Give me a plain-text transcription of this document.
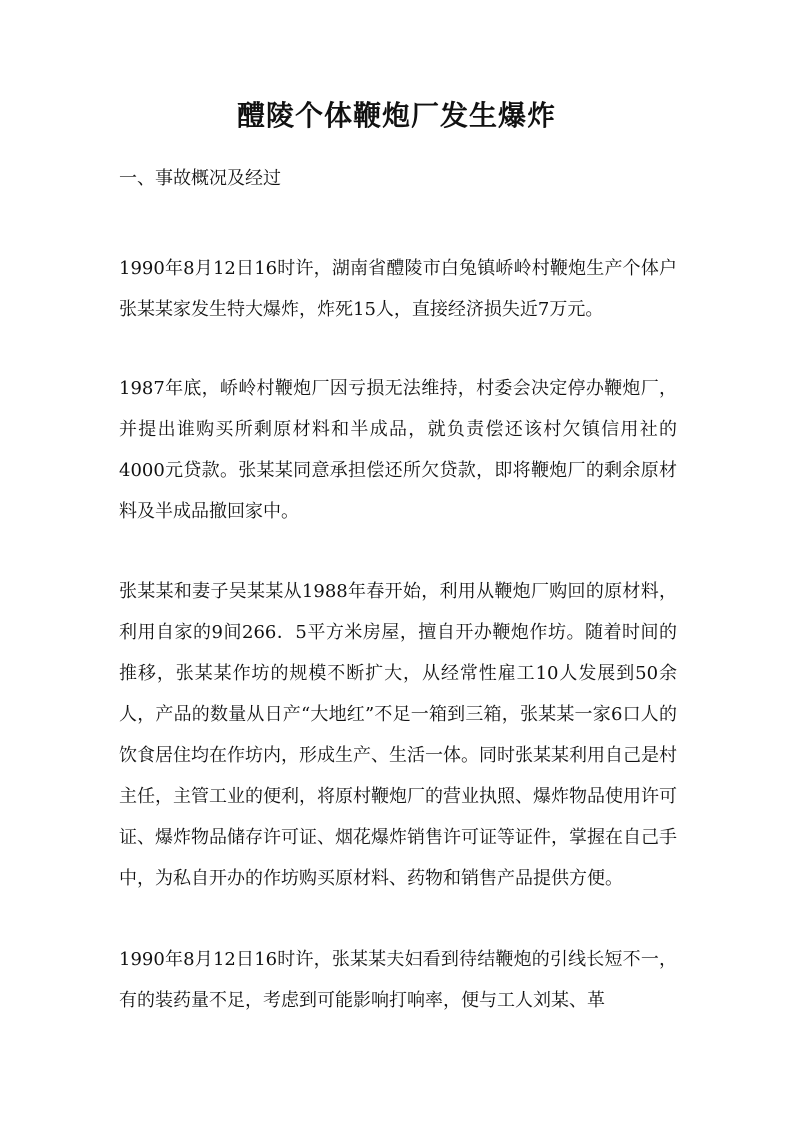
醴陵个体鞭炮厂发生爆炸

一、事故概况及经过

1990年8月12日16时许，湖南省醴陵市白兔镇峤岭村鞭炮生产个体户张某某家发生特大爆炸，炸死15人，直接经济损失近7万元。

1987年底，峤岭村鞭炮厂因亏损无法维持，村委会决定停办鞭炮厂，并提出谁购买所剩原材料和半成品，就负责偿还该村欠镇信用社的4000元贷款。张某某同意承担偿还所欠贷款，即将鞭炮厂的剩余原材料及半成品撤回家中。

张某某和妻子吴某某从1988年春开始，利用从鞭炮厂购回的原材料，利用自家的9间266．5平方米房屋，擅自开办鞭炮作坊。随着时间的推移，张某某作坊的规模不断扩大，从经常性雇工10人发展到50余人，产品的数量从日产“大地红”不足一箱到三箱，张某某一家6口人的饮食居住均在作坊内，形成生产、生活一体。同时张某某利用自己是村主任，主管工业的便利，将原村鞭炮厂的营业执照、爆炸物品使用许可证、爆炸物品储存许可证、烟花爆炸销售许可证等证件，掌握在自己手中，为私自开办的作坊购买原材料、药物和销售产品提供方便。

1990年8月12日16时许，张某某夫妇看到待结鞭炮的引线长短不一，有的装药量不足，考虑到可能影响打响率，便与工人刘某、革
